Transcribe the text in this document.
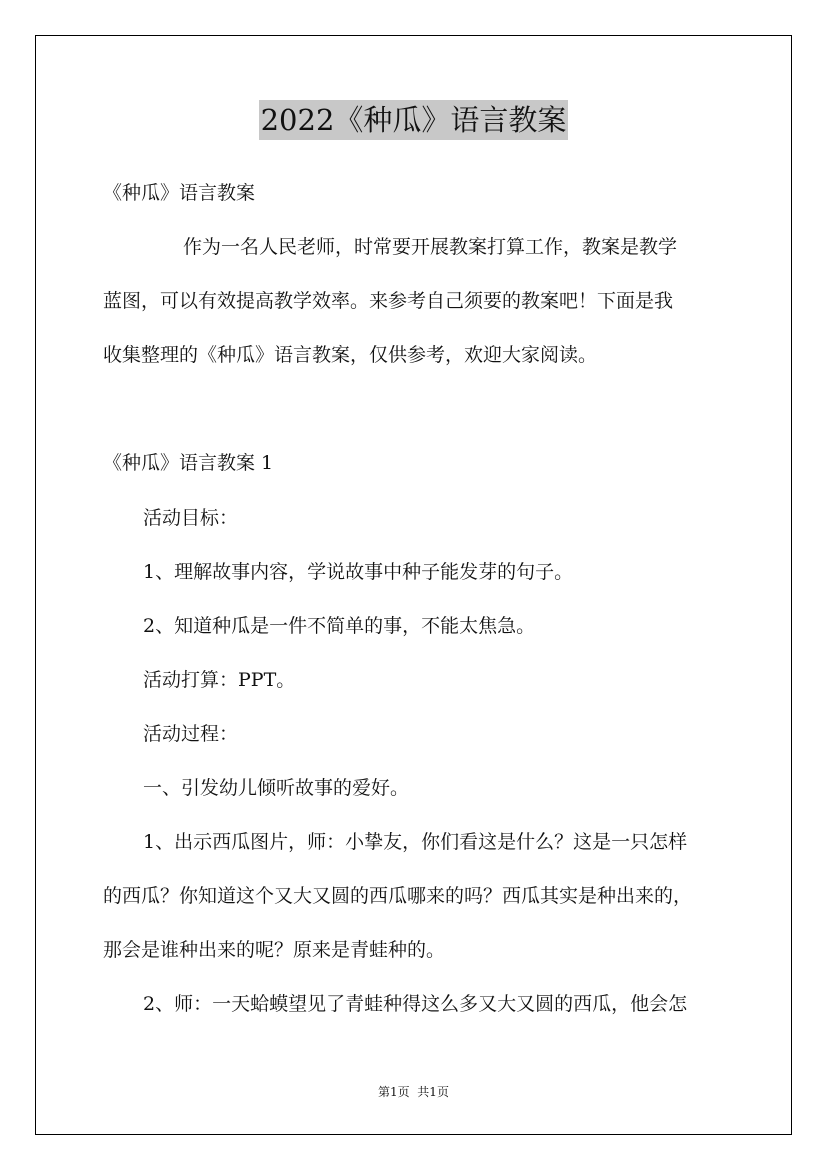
2022《种瓜》语言教案
《种瓜》语言教案
作为一名人民老师，时常要开展教案打算工作，教案是教学
蓝图，可以有效提高教学效率。来参考自己须要的教案吧！下面是我
收集整理的《种瓜》语言教案，仅供参考，欢迎大家阅读。
《种瓜》语言教案 1
活动目标：
1、理解故事内容，学说故事中种子能发芽的句子。
2、知道种瓜是一件不简单的事，不能太焦急。
活动打算：PPT。
活动过程：
一、引发幼儿倾听故事的爱好。
1、出示西瓜图片，师：小挚友，你们看这是什么？这是一只怎样
的西瓜？你知道这个又大又圆的西瓜哪来的吗？西瓜其实是种出来的，
那会是谁种出来的呢？原来是青蛙种的。
2、师：一天蛤蟆望见了青蛙种得这么多又大又圆的西瓜，他会怎
第1页  共1页
